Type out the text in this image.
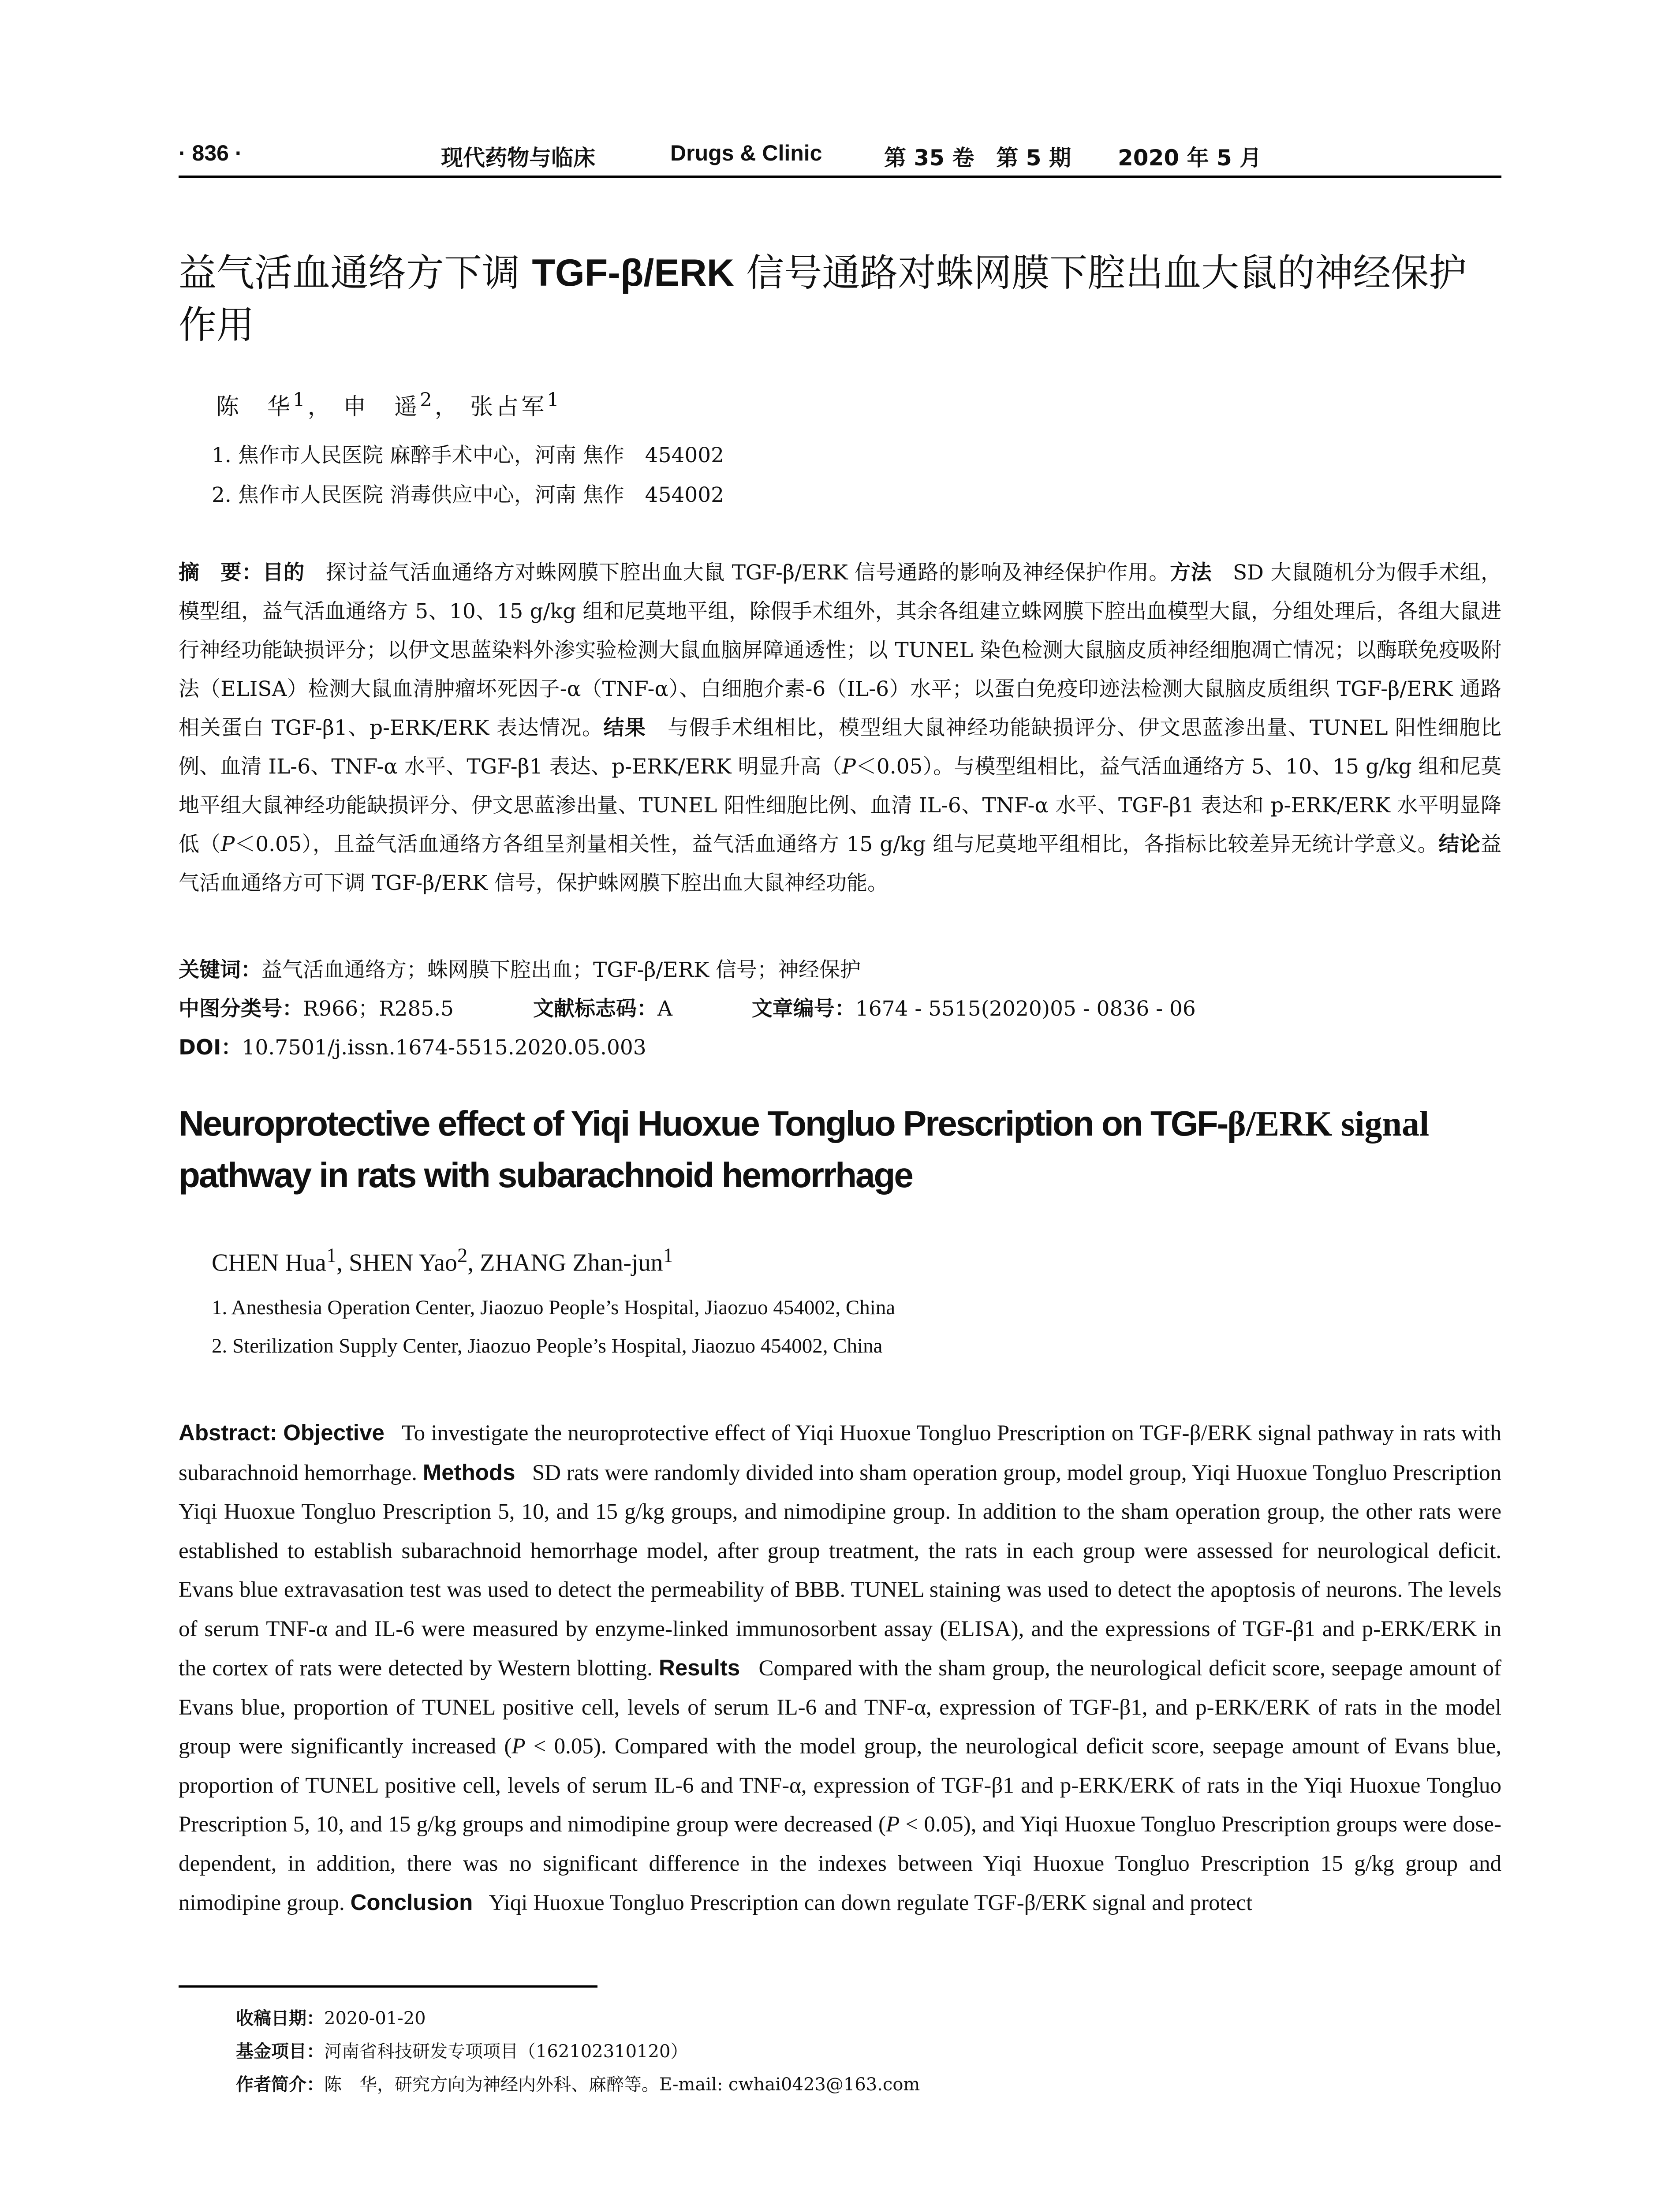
· 836 ·	现代药物与临床	Drugs & Clinic	第 35 卷　第 5 期 2020 年 5 月
益气活血通络方下调 TGF-β/ERK 信号通路对蛛网膜下腔出血大鼠的神经保护作用
陈　华$^1$， 申　遥$^2$， 张占军$^1$
1. 焦作市人民医院 麻醉手术中心，河南 焦作　454002
2. 焦作市人民医院 消毒供应中心，河南 焦作　454002

摘　要：目的　 探讨益气活血通络方对蛛网膜下腔出血大鼠 TGF-β/ERK 信号通路的影响及神经保护作用。方法　 SD 大鼠随机分为假手术组，模型组，益气活血通络方 5、10、15 g/kg 组和尼莫地平组，除假手术组外，其余各组建立蛛网膜下腔出血模型大鼠，分组处理后，各组大鼠进行神经功能缺损评分；以伊文思蓝染料外渗实验检测大鼠血脑屏障通透性；以 TUNEL 染色检测大鼠脑皮质神经细胞凋亡情况；以酶联免疫吸附法（ELISA）检测大鼠血清肿瘤坏死因子-α（TNF-α）、白细胞介素-6（IL-6）水平；以蛋白免疫印迹法检测大鼠脑皮质组织 TGF-β/ERK 通路相关蛋白 TGF-β1、p-ERK/ERK 表达情况。结果　 与假手术组相比，模型组大鼠神经功能缺损评分、伊文思蓝渗出量、TUNEL 阳性细胞比例、血清 IL-6、TNF-α 水平、TGF-β1 表达、p-ERK/ERK 明显升高（P＜0.05）。与模型组相比，益气活血通络方 5、10、15 g/kg 组和尼莫地平组大鼠神经功能缺损评分、伊文思蓝渗出量、TUNEL 阳性细胞比例、血清 IL-6、TNF-α 水平、TGF-β1 表达和 p-ERK/ERK 水平明显降低（P＜0.05），且益气活血通络方各组呈剂量相关性，益气活血通络方 15 g/kg 组与尼莫地平组相比，各指标比较差异无统计学意义。结论益气活血通络方可下调 TGF-β/ERK 信号，保护蛛网膜下腔出血大鼠神经功能。

关键词：益气活血通络方；蛛网膜下腔出血；TGF-β/ERK 信号；神经保护
中图分类号：R966；R285.5	文献标志码：A	文章编号：1674 - 5515(2020)05 - 0836 - 06
DOI：10.7501/j.issn.1674-5515.2020.05.003
Neuroprotective effect of Yiqi Huoxue Tongluo Prescription on TGF-β/ERK signal
pathway in rats with subarachnoid hemorrhage
CHEN Hua$^1$, SHEN Yao$^2$, ZHANG Zhan-jun$^1$
1. Anesthesia Operation Center, Jiaozuo People’s Hospital, Jiaozuo 454002, China
2. Sterilization Supply Center, Jiaozuo People’s Hospital, Jiaozuo 454002, China

Abstract: Objective To investigate the neuroprotective effect of Yiqi Huoxue Tongluo Prescription on TGF-β/ERK signal pathway in rats with subarachnoid hemorrhage. Methods SD rats were randomly divided into sham operation group, model group, Yiqi Huoxue Tongluo Prescription Yiqi Huoxue Tongluo Prescription 5, 10, and 15 g/kg groups, and nimodipine group. In addition to the sham operation group, the other rats were established to establish subarachnoid hemorrhage model, after group treatment, the rats in each group were assessed for neurological deficit. Evans blue extravasation test was used to detect the permeability of BBB. TUNEL staining was used to detect the apoptosis of neurons. The levels of serum TNF-α and IL-6 were measured by enzyme-linked immunosorbent assay (ELISA), and the expressions of TGF-β1 and p-ERK/ERK in the cortex of rats were detected by Western blotting. Results Compared with the sham group, the neurological deficit score, seepage amount of Evans blue, proportion of TUNEL positive cell, levels of serum IL-6 and TNF-α, expression of TGF-β1, and p-ERK/ERK of rats in the model group were significantly increased (P < 0.05). Compared with the model group, the neurological deficit score, seepage amount of Evans blue, proportion of TUNEL positive cell, levels of serum IL-6 and TNF-α, expression of TGF-β1 and p-ERK/ERK of rats in the Yiqi Huoxue Tongluo Prescription 5, 10, and 15 g/kg groups and nimodipine group were decreased (P < 0.05), and Yiqi Huoxue Tongluo Prescription groups were dose-dependent, in addition, there was no significant difference in the indexes between Yiqi Huoxue Tongluo Prescription 15 g/kg group and nimodipine group. Conclusion Yiqi Huoxue Tongluo Prescription can down regulate TGF-β/ERK signal and protect

收稿日期：2020-01-20
基金项目：河南省科技研发专项项目（162102310120）
作者简介：陈　华，研究方向为神经内外科、麻醉等。E-mail: cwhai0423@163.com
